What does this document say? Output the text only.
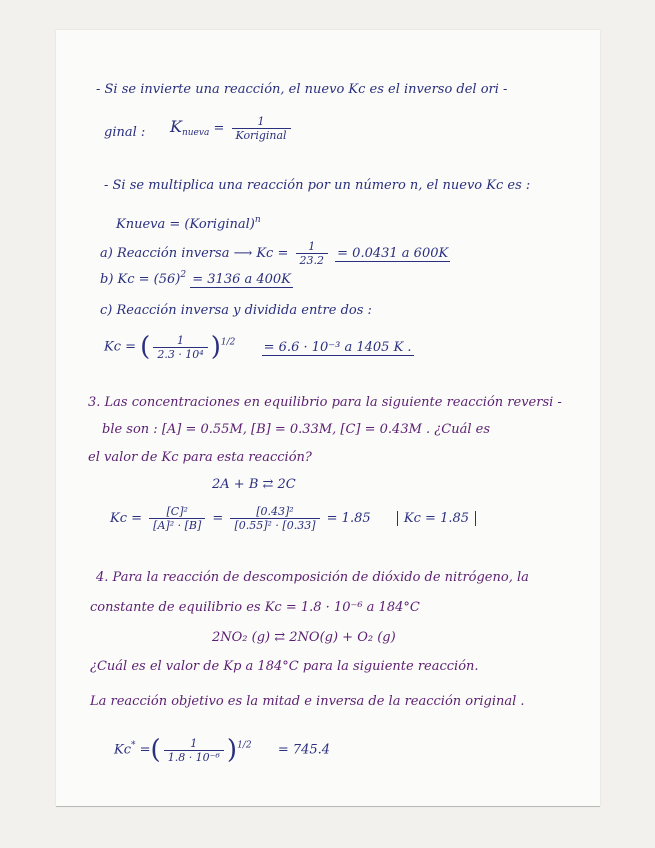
- Si se invierte una reacción, el nuevo Kc es el inverso del ori -
ginal : $K_{nueva} = \frac{1}{\text{Koriginal}}$
- Si se multiplica una reacción por un número n, el nuevo Kc es :
Knueva = (Koriginal)$^n$
a) Reacción inversa ⟶ $Kc = \frac{1}{23.2} = 0.0431$ a 600K
b) $Kc = (56)^2 = 3136$ a 400K
c) Reacción inversa y dividida entre dos :
Kc = ( $\frac{1}{\text{2.3 · 10⁴}} )^{1/2} = 6.6 \cdot 10^{-3}$ a 1405 K .
3. Las concentraciones en equilibrio para la siguiente reacción reversi -
ble son : [A] = 0.55M, [B] = 0.33M, [C] = 0.43M . ¿Cuál es
el valor de Kc para esta reacción?
2A + B ⇄ 2C
$Kc = \frac{\text{[C]²}}{\text{[A]² · [B]}} = \frac{\text{[0.43]²}}{\text{[0.55]² · [0.33]}} = 1.85$	Kc = 1.85
4. Para la reacción de descomposición de dióxido de nitrógeno, la
constante de equilibrio es Kc = 1.8 · 10⁻⁶ a 184°C
2NO₂ (g) ⇄ 2NO(g) + O₂ (g)
¿Cuál es el valor de Kp a 184°C para la siguiente reacción.
La reacción objetivo es la mitad e inversa de la reacción original .
Kc* =( $\frac{1}{\text{1.8 · 10⁻⁶}} )^{1/2} = 745.4$
